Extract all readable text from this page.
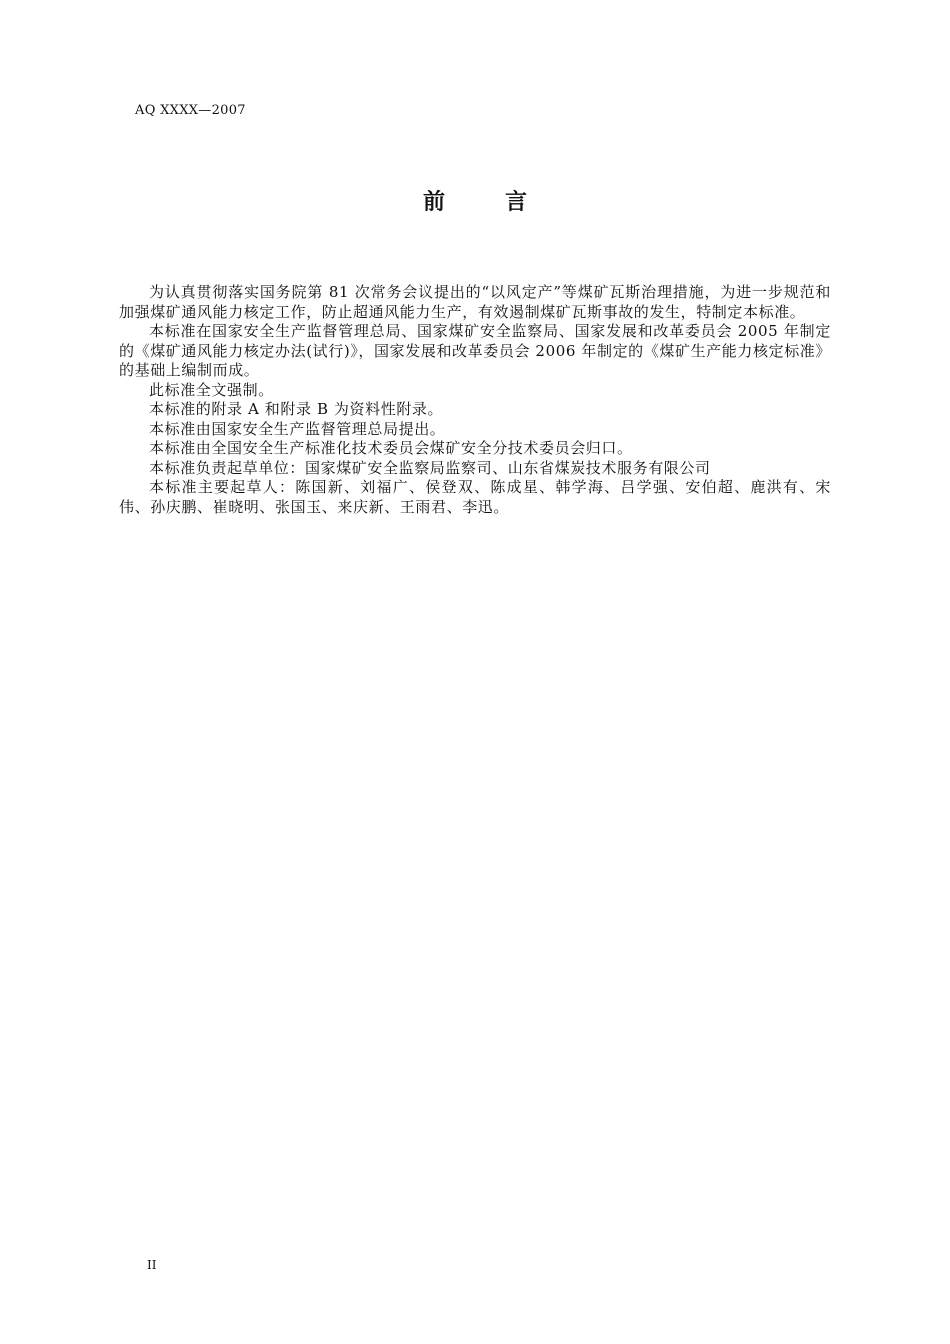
AQ XXXX—2007
前言

为认真贯彻落实国务院第 81 次常务会议提出的“以风定产”等煤矿瓦斯治理措施，为进一步规范和加强煤矿通风能力核定工作，防止超通风能力生产，有效遏制煤矿瓦斯事故的发生，特制定本标准。

本标准在国家安全生产监督管理总局、国家煤矿安全监察局、国家发展和改革委员会 2005 年制定的《煤矿通风能力核定办法(试行)》，国家发展和改革委员会 2006 年制定的《煤矿生产能力核定标准》的基础上编制而成。

此标准全文强制。

本标准的附录 A 和附录 B 为资料性附录。

本标准由国家安全生产监督管理总局提出。

本标准由全国安全生产标准化技术委员会煤矿安全分技术委员会归口。

本标准负责起草单位：国家煤矿安全监察局监察司、山东省煤炭技术服务有限公司

本标准主要起草人：陈国新、刘福广、侯登双、陈成星、韩学海、吕学强、安伯超、鹿洪有、宋伟、孙庆鹏、崔晓明、张国玉、来庆新、王雨君、李迅。

II
